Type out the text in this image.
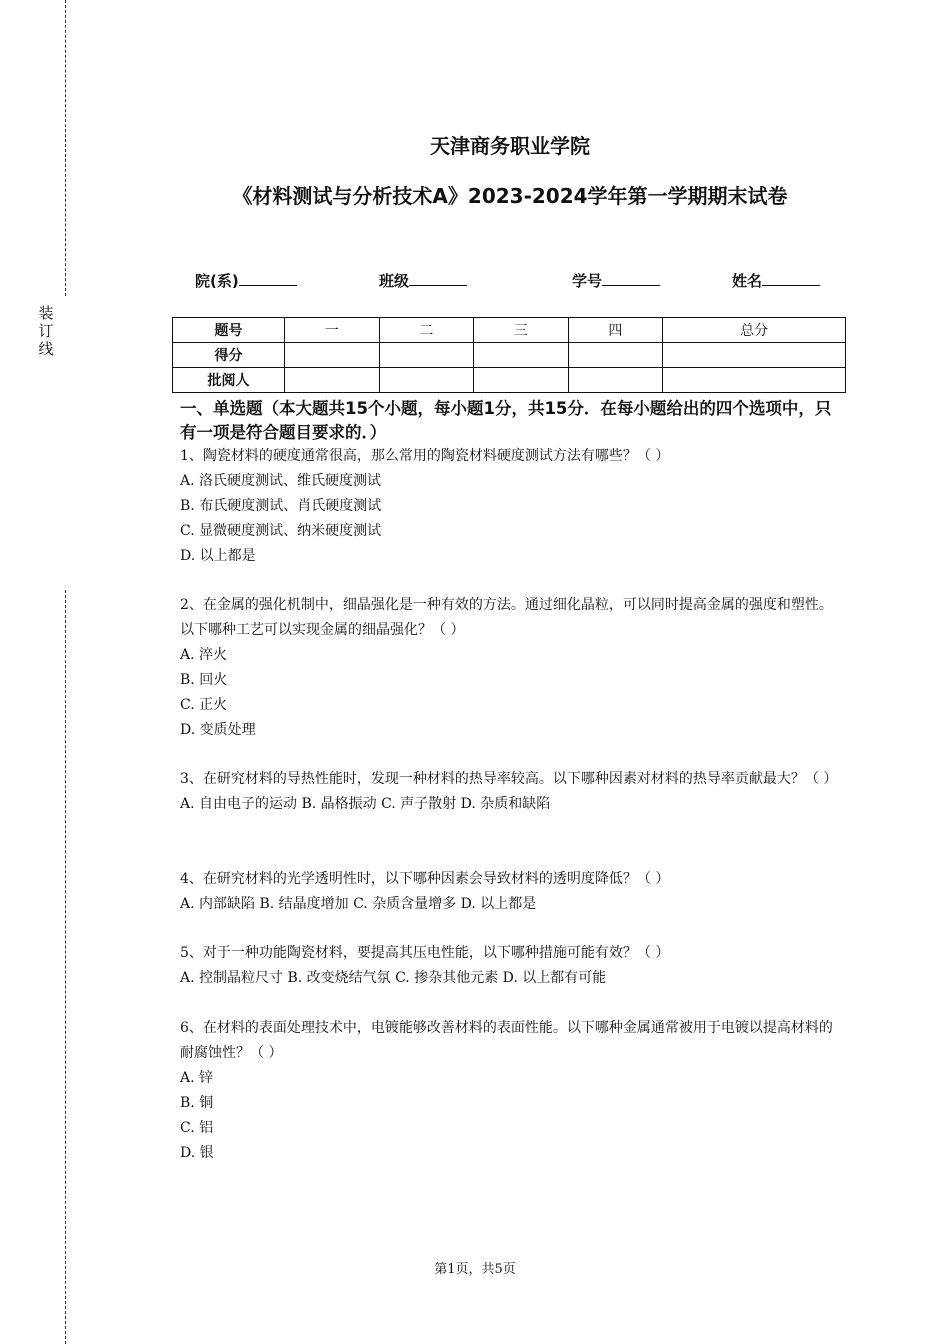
装
订
线
天津商务职业学院
《材料测试与分析技术A》2023-2024学年第一学期期末试卷
院(系)	班级	学号	姓名
题号	一	二	三	四	总分
得分					
批阅人					
一、单选题（本大题共15个小题，每小题1分，共15分．在每小题给出的四个选项中，只有一项是符合题目要求的．）

1、陶瓷材料的硬度通常很高，那么常用的陶瓷材料硬度测试方法有哪些？（ ）

A. 洛氏硬度测试、维氏硬度测试

B. 布氏硬度测试、肖氏硬度测试

C. 显微硬度测试、纳米硬度测试

D. 以上都是

2、在金属的强化机制中，细晶强化是一种有效的方法。通过细化晶粒，可以同时提高金属的强度和塑性。以下哪种工艺可以实现金属的细晶强化？（ ）

A. 淬火

B. 回火

C. 正火

D. 变质处理

3、在研究材料的导热性能时，发现一种材料的热导率较高。以下哪种因素对材料的热导率贡献最大？（ ）

A. 自由电子的运动 B. 晶格振动 C. 声子散射 D. 杂质和缺陷

4、在研究材料的光学透明性时，以下哪种因素会导致材料的透明度降低？（ ）

A. 内部缺陷 B. 结晶度增加 C. 杂质含量增多 D. 以上都是

5、对于一种功能陶瓷材料，要提高其压电性能，以下哪种措施可能有效？（ ）

A. 控制晶粒尺寸 B. 改变烧结气氛 C. 掺杂其他元素 D. 以上都有可能

6、在材料的表面处理技术中，电镀能够改善材料的表面性能。以下哪种金属通常被用于电镀以提高材料的耐腐蚀性？（ ）

A. 锌

B. 铜

C. 铝

D. 银

第1页，共5页
